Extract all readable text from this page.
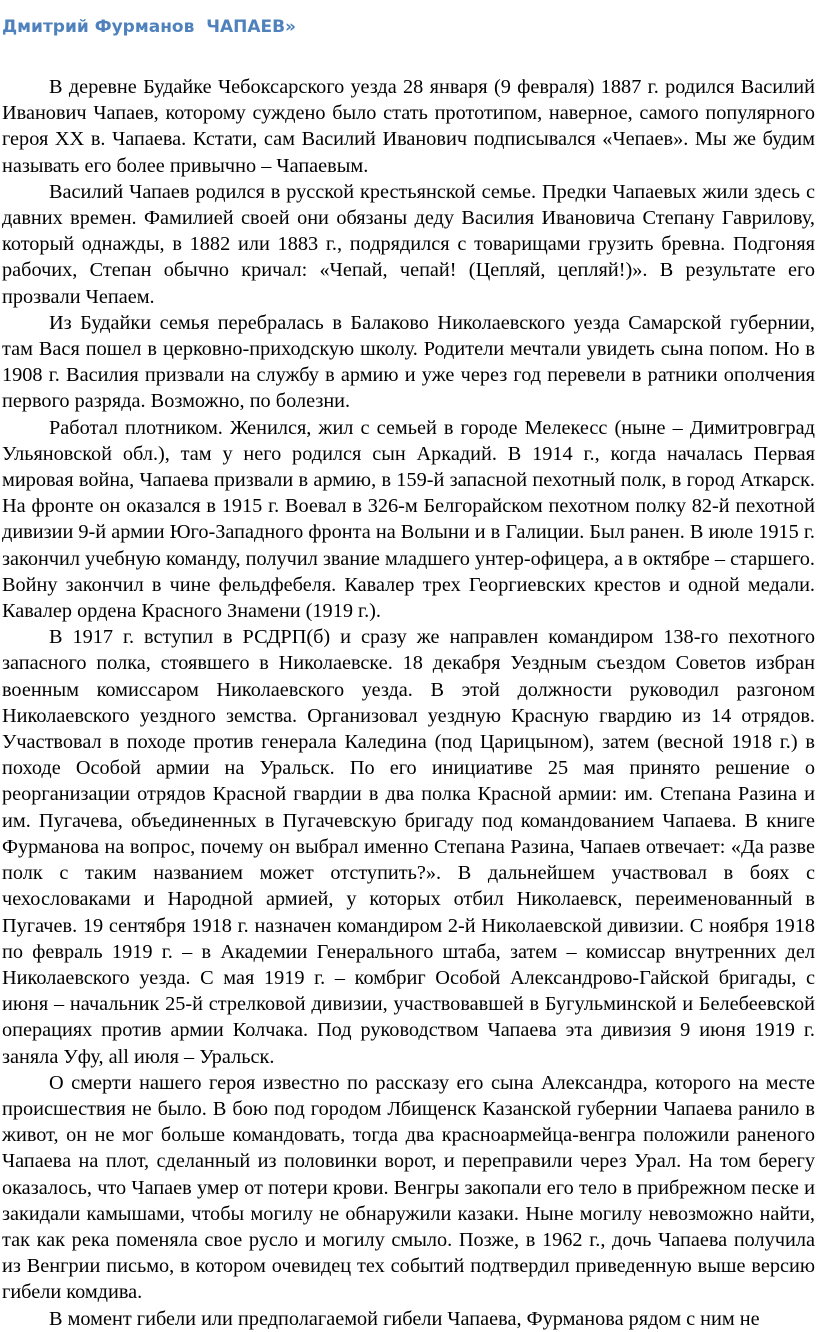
Дмитрий Фурманов  ЧАПАЕВ»

В деревне Будайке Чебоксарского уезда 28 января (9 февраля) 1887 г. родился Василий Иванович Чапаев, которому суждено было стать прототипом, наверное, самого популярного героя XX в. Чапаева. Кстати, сам Василий Иванович подписывался «Чепаев». Мы же будим называть его более привычно – Чапаевым.

Василий Чапаев родился в русской крестьянской семье. Предки Чапаевых жили здесь с давних времен. Фамилией своей они обязаны деду Василия Ивановича Степану Гаврилову, который однажды, в 1882 или 1883 г., подрядился с товарищами грузить бревна. Подгоняя рабочих, Степан обычно кричал: «Чепай, чепай! (Цепляй, цепляй!)». В результате его прозвали Чепаем.

Из Будайки семья перебралась в Балаково Николаевского уезда Самарской губернии, там Вася пошел в церковно-приходскую школу. Родители мечтали увидеть сына попом. Но в 1908 г. Василия призвали на службу в армию и уже через год перевели в ратники ополчения первого разряда. Возможно, по болезни.

Работал плотником. Женился, жил с семьей в городе Мелекесс (ныне – Димитровград Ульяновской обл.), там у него родился сын Аркадий. В 1914 г., когда началась Первая мировая война, Чапаева призвали в армию, в 159-й запасной пехотный полк, в город Аткарск. На фронте он оказался в 1915 г. Воевал в 326-м Белгорайском пехотном полку 82-й пехотной дивизии 9-й армии Юго-Западного фронта на Волыни и в Галиции. Был ранен. В июле 1915 г. закончил учебную команду, получил звание младшего унтер-офицера, а в октябре – старшего. Войну закончил в чине фельдфебеля. Кавалер трех Георгиевских крестов и одной медали. Кавалер ордена Красного Знамени (1919 г.).

В 1917 г. вступил в РСДРП(б) и сразу же направлен командиром 138-го пехотного запасного полка, стоявшего в Николаевске. 18 декабря Уездным съездом Советов избран военным комиссаром Николаевского уезда. В этой должности руководил разгоном Николаевского уездного земства. Организовал уездную Красную гвардию из 14 отрядов. Участвовал в походе против генерала Каледина (под Царицыном), затем (весной 1918 г.) в походе Особой армии на Уральск. По его инициативе 25 мая принято решение о реорганизации отрядов Красной гвардии в два полка Красной армии: им. Степана Разина и им. Пугачева, объединенных в Пугачевскую бригаду под командованием Чапаева. В книге Фурманова на вопрос, почему он выбрал именно Степана Разина, Чапаев отвечает: «Да разве полк с таким названием может отступить?». В дальнейшем участвовал в боях с чехословаками и Народной армией, у которых отбил Николаевск, переименованный в Пугачев. 19 сентября 1918 г. назначен командиром 2-й Николаевской дивизии. С ноября 1918 по февраль 1919 г. – в Академии Генерального штаба, затем – комиссар внутренних дел Николаевского уезда. С мая 1919 г. – комбриг Особой Александрово-Гайской бригады, с июня – начальник 25-й стрелковой дивизии, участвовавшей в Бугульминской и Белебеевской операциях против армии Колчака. Под руководством Чапаева эта дивизия 9 июня 1919 г. заняла Уфу, all июля – Уральск.

О смерти нашего героя известно по рассказу его сына Александра, которого на месте происшествия не было. В бою под городом Лбищенск Казанской губернии Чапаева ранило в живот, он не мог больше командовать, тогда два красноармейца-венгра положили раненого Чапаева на плот, сделанный из половинки ворот, и переправили через Урал. На том берегу оказалось, что Чапаев умер от потери крови. Венгры закопали его тело в прибрежном песке и закидали камышами, чтобы могилу не обнаружили казаки. Ныне могилу невозможно найти, так как река поменяла свое русло и могилу смыло. Позже, в 1962 г., дочь Чапаева получила из Венгрии письмо, в котором очевидец тех событий подтвердил приведенную выше версию гибели комдива.

В момент гибели или предполагаемой гибели Чапаева, Фурманова рядом с ним не
